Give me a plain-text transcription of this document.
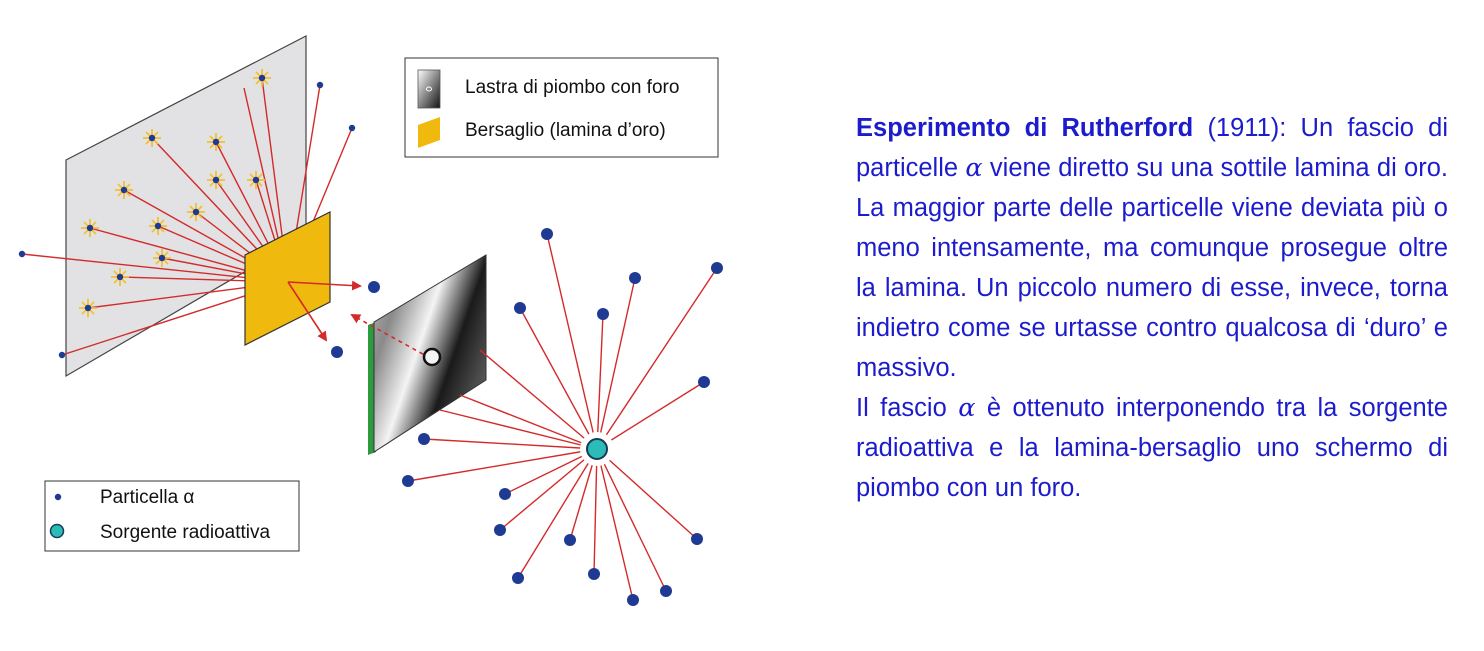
Lastra di piombo con foro
Bersaglio (lamina d’oro)
Particella α
Sorgente radioattiva

Esperimento di Rutherford (1911): Un fascio di particelle α viene diretto su una sottile lamina di oro. La maggior parte delle particelle viene deviata più o meno intensamente, ma comunque prosegue oltre la lamina. Un piccolo numero di esse, invece, torna indietro come se urtasse contro qualcosa di ‘duro’ e massivo.

Il fascio α è ottenuto interponendo tra la sorgente radioattiva e la lamina-bersaglio uno schermo di piombo con un foro.
